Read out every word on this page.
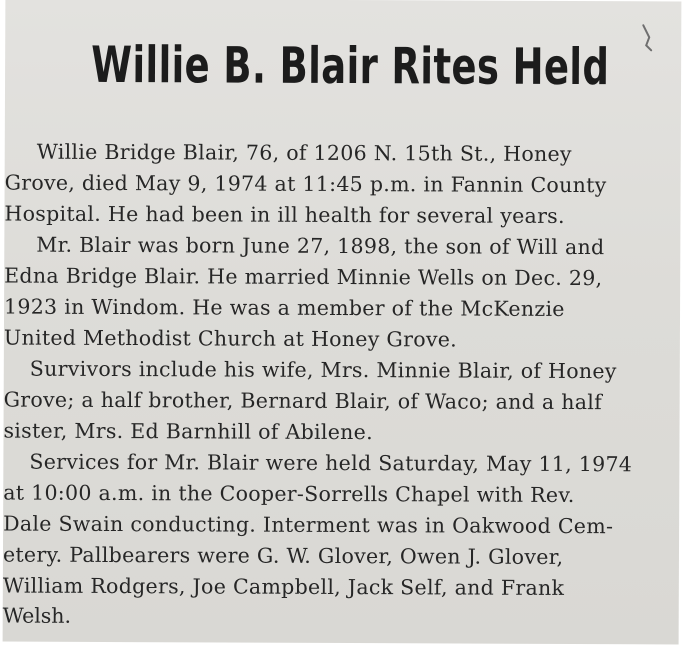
Willie B. Blair Rites Held
Willie Bridge Blair, 76, of 1206 N. 15th St., Honey
Grove, died May 9, 1974 at 11:45 p.m. in Fannin County
Hospital. He had been in ill health for several years.
Mr. Blair was born June 27, 1898, the son of Will and
Edna Bridge Blair. He married Minnie Wells on Dec. 29,
1923 in Windom. He was a member of the McKenzie
United Methodist Church at Honey Grove.
Survivors include his wife, Mrs. Minnie Blair, of Honey
Grove; a half brother, Bernard Blair, of Waco; and a half
sister, Mrs. Ed Barnhill of Abilene.
Services for Mr. Blair were held Saturday, May 11, 1974
at 10:00 a.m. in the Cooper-Sorrells Chapel with Rev.
Dale Swain conducting. Interment was in Oakwood Cem-
etery. Pallbearers were G. W. Glover, Owen J. Glover,
William Rodgers, Joe Campbell, Jack Self, and Frank
Welsh.
